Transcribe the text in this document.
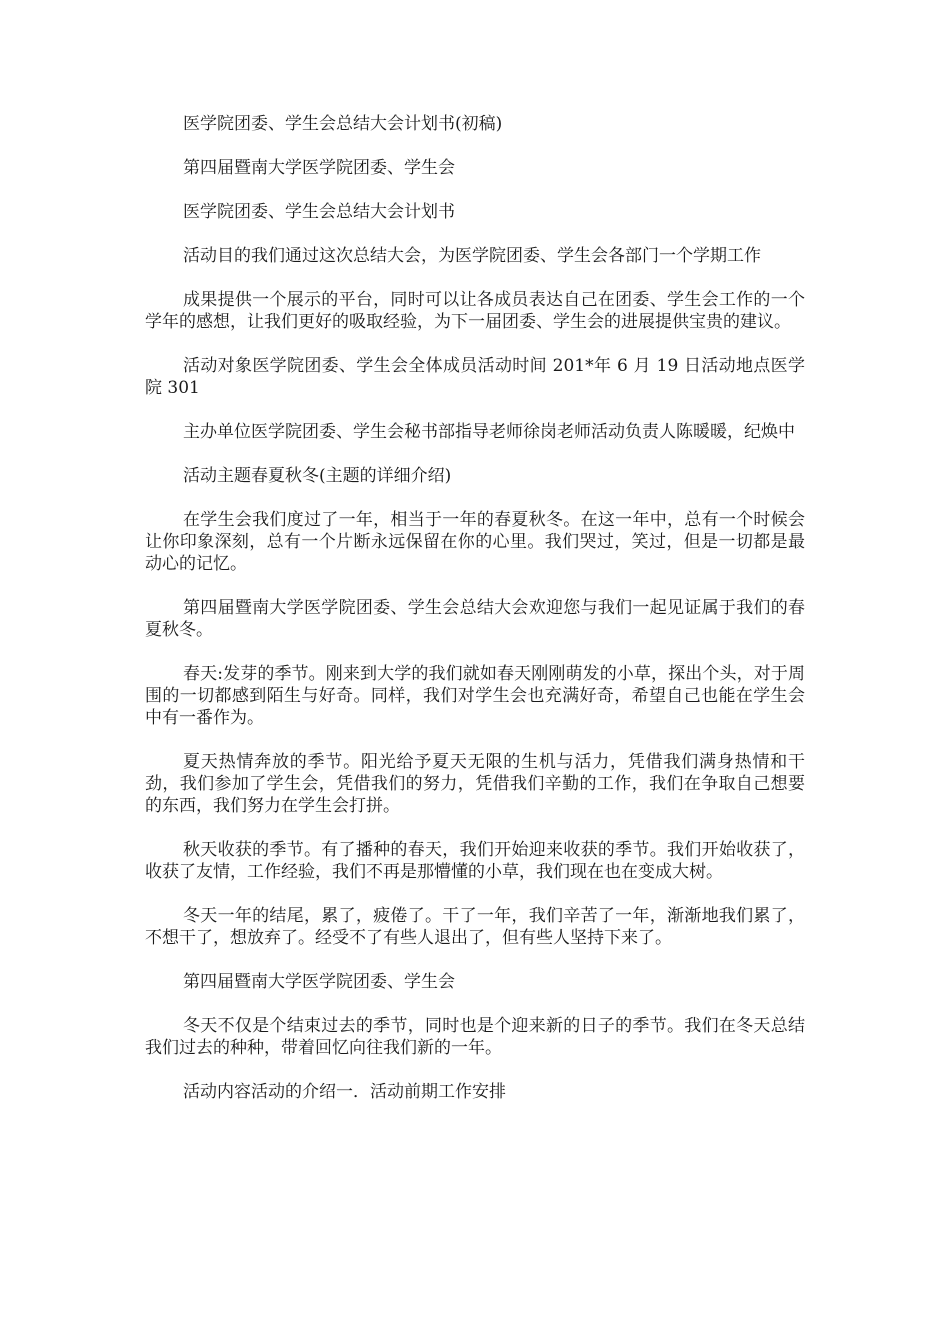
医学院团委、学生会总结大会计划书(初稿)

第四届暨南大学医学院团委、学生会

医学院团委、学生会总结大会计划书

活动目的我们通过这次总结大会，为医学院团委、学生会各部门一个学期工作

成果提供一个展示的平台，同时可以让各成员表达自己在团委、学生会工作的一个学年的感想，让我们更好的吸取经验，为下一届团委、学生会的进展提供宝贵的建议。

活动对象医学院团委、学生会全体成员活动时间 201*年 6 月 19 日活动地点医学院 301

主办单位医学院团委、学生会秘书部指导老师徐岗老师活动负责人陈暖暖，纪焕中

活动主题春夏秋冬(主题的详细介绍)

在学生会我们度过了一年，相当于一年的春夏秋冬。在这一年中，总有一个时候会让你印象深刻，总有一个片断永远保留在你的心里。我们哭过，笑过，但是一切都是最动心的记忆。

第四届暨南大学医学院团委、学生会总结大会欢迎您与我们一起见证属于我们的春夏秋冬。

春天:发芽的季节。刚来到大学的我们就如春天刚刚萌发的小草，探出个头，对于周围的一切都感到陌生与好奇。同样，我们对学生会也充满好奇，希望自己也能在学生会中有一番作为。

夏天热情奔放的季节。阳光给予夏天无限的生机与活力，凭借我们满身热情和干劲，我们参加了学生会，凭借我们的努力，凭借我们辛勤的工作，我们在争取自己想要的东西，我们努力在学生会打拼。

秋天收获的季节。有了播种的春天，我们开始迎来收获的季节。我们开始收获了，收获了友情，工作经验，我们不再是那懵懂的小草，我们现在也在变成大树。

冬天一年的结尾，累了，疲倦了。干了一年，我们辛苦了一年，渐渐地我们累了，不想干了，想放弃了。经受不了有些人退出了，但有些人坚持下来了。

第四届暨南大学医学院团委、学生会

冬天不仅是个结束过去的季节，同时也是个迎来新的日子的季节。我们在冬天总结我们过去的种种，带着回忆向往我们新的一年。

活动内容活动的介绍一．活动前期工作安排
